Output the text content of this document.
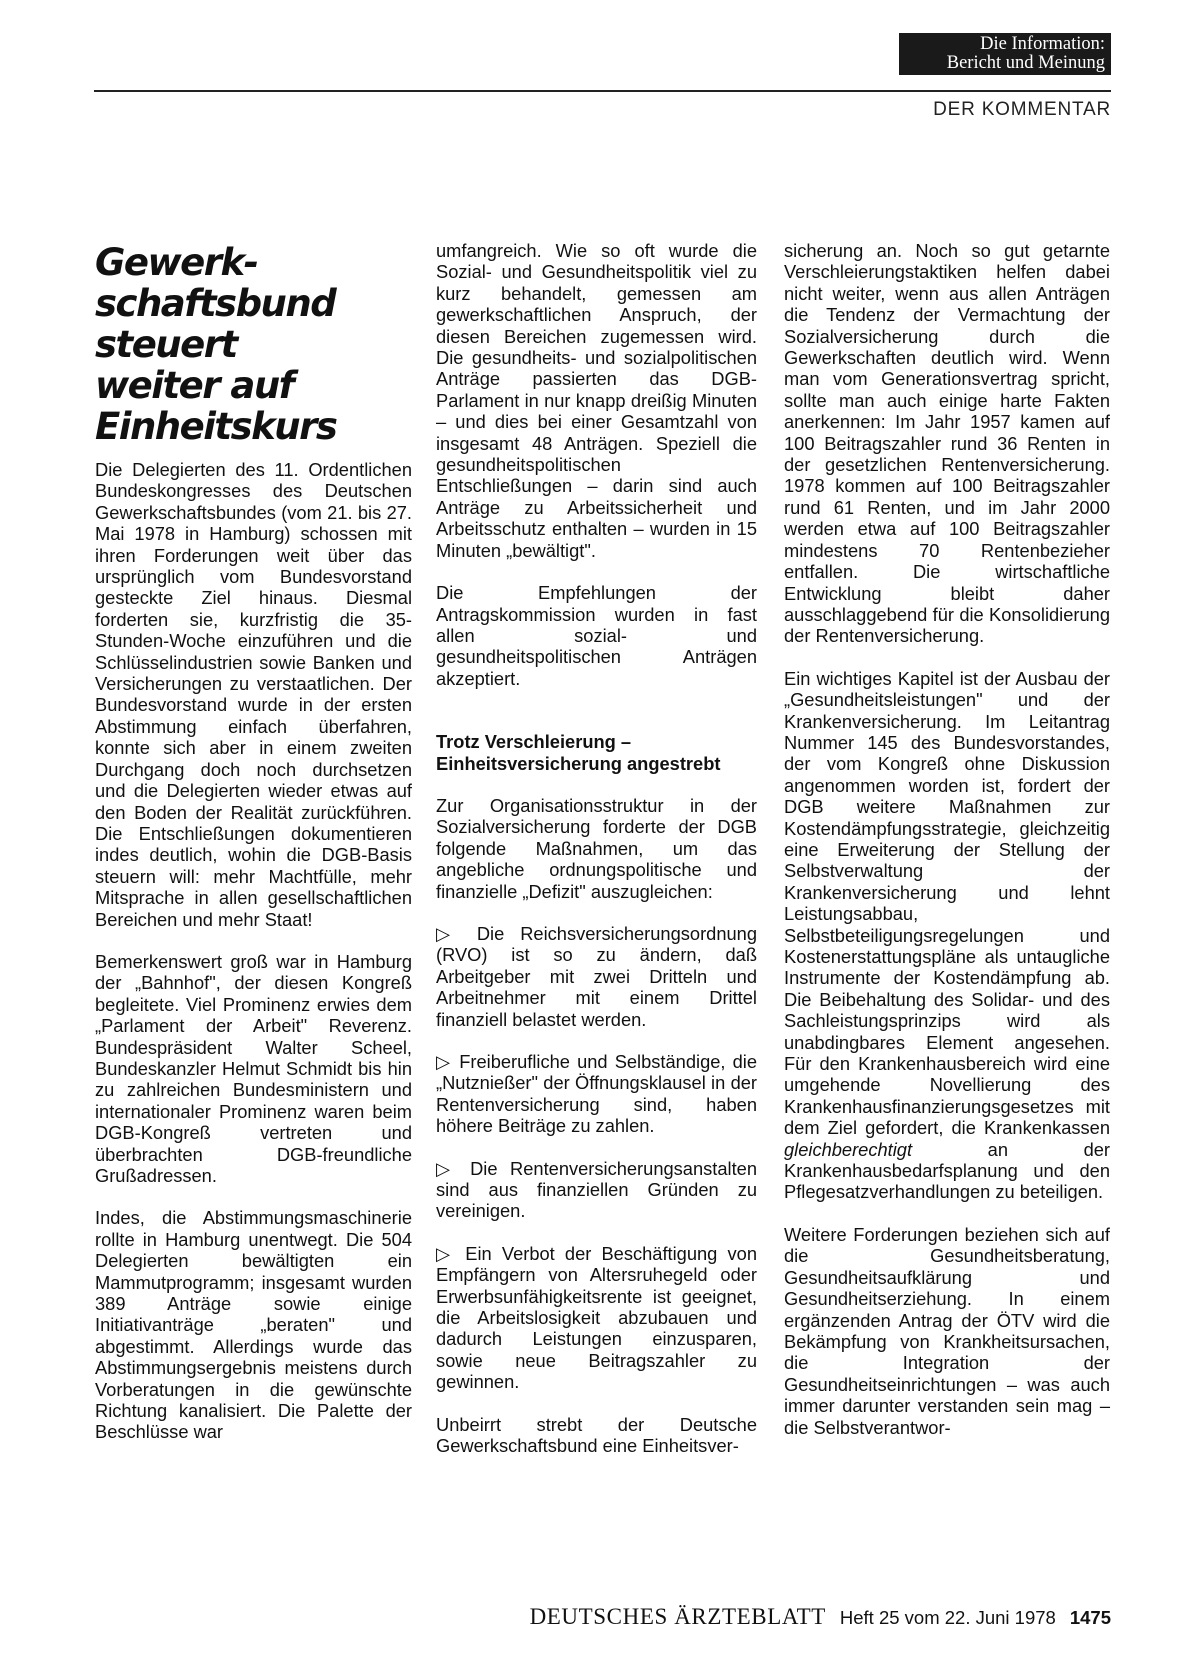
Die Information:
Bericht und Meinung
DER KOMMENTAR
Gewerk-
schaftsbund
steuert
weiter auf
Einheitskurs

Die Delegierten des 11. Ordentlichen Bundeskongresses des Deutschen Gewerkschaftsbundes (vom 21. bis 27. Mai 1978 in Hamburg) schossen mit ihren Forderungen weit über das ursprünglich vom Bundesvorstand gesteckte Ziel hinaus. Diesmal forderten sie, kurzfristig die 35-Stunden-Woche einzuführen und die Schlüsselindustrien sowie Banken und Versicherungen zu verstaatlichen. Der Bundesvorstand wurde in der ersten Abstimmung einfach überfahren, konnte sich aber in einem zweiten Durchgang doch noch durchsetzen und die Delegierten wieder etwas auf den Boden der Realität zurückführen. Die Entschließungen dokumentieren indes deutlich, wohin die DGB-Basis steuern will: mehr Machtfülle, mehr Mitsprache in allen gesellschaftlichen Bereichen und mehr Staat!

Bemerkenswert groß war in Hamburg der „Bahnhof", der diesen Kongreß begleitete. Viel Prominenz erwies dem „Parlament der Arbeit" Reverenz. Bundespräsident Walter Scheel, Bundeskanzler Helmut Schmidt bis hin zu zahlreichen Bundesministern und internationaler Prominenz waren beim DGB-Kongreß vertreten und überbrachten DGB-freundliche Grußadressen.

Indes, die Abstimmungsmaschinerie rollte in Hamburg unentwegt. Die 504 Delegierten bewältigten ein Mammutprogramm; insgesamt wurden 389 Anträge sowie einige Initiativanträge „beraten" und abgestimmt. Allerdings wurde das Abstimmungsergebnis meistens durch Vorberatungen in die gewünschte Richtung kanalisiert. Die Palette der Beschlüsse war

umfangreich. Wie so oft wurde die Sozial- und Gesundheitspolitik viel zu kurz behandelt, gemessen am gewerkschaftlichen Anspruch, der diesen Bereichen zugemessen wird. Die gesundheits- und sozialpolitischen Anträge passierten das DGB-Parlament in nur knapp dreißig Minuten – und dies bei einer Gesamtzahl von insgesamt 48 Anträgen. Speziell die gesundheitspolitischen Entschließungen – darin sind auch Anträge zu Arbeitssicherheit und Arbeitsschutz enthalten – wurden in 15 Minuten „bewältigt".

Die Empfehlungen der Antragskommission wurden in fast allen sozial- und gesundheitspolitischen Anträgen akzeptiert.

Trotz Verschleierung – Einheitsversicherung angestrebt

Zur Organisationsstruktur in der Sozialversicherung forderte der DGB folgende Maßnahmen, um das angebliche ordnungspolitische und finanzielle „Defizit" auszugleichen:

▷ Die Reichsversicherungsordnung (RVO) ist so zu ändern, daß Arbeitgeber mit zwei Dritteln und Arbeitnehmer mit einem Drittel finanziell belastet werden.

▷ Freiberufliche und Selbständige, die „Nutznießer" der Öffnungsklausel in der Rentenversicherung sind, haben höhere Beiträge zu zahlen.

▷ Die Rentenversicherungsanstalten sind aus finanziellen Gründen zu vereinigen.

▷ Ein Verbot der Beschäftigung von Empfängern von Altersruhegeld oder Erwerbsunfähigkeitsrente ist geeignet, die Arbeitslosigkeit abzubauen und dadurch Leistungen einzusparen, sowie neue Beitragszahler zu gewinnen.

Unbeirrt strebt der Deutsche Gewerkschaftsbund eine Einheitsver-

sicherung an. Noch so gut getarnte Verschleierungstaktiken helfen dabei nicht weiter, wenn aus allen Anträgen die Tendenz der Vermachtung der Sozialversicherung durch die Gewerkschaften deutlich wird. Wenn man vom Generationsvertrag spricht, sollte man auch einige harte Fakten anerkennen: Im Jahr 1957 kamen auf 100 Beitragszahler rund 36 Renten in der gesetzlichen Rentenversicherung. 1978 kommen auf 100 Beitragszahler rund 61 Renten, und im Jahr 2000 werden etwa auf 100 Beitragszahler mindestens 70 Rentenbezieher entfallen. Die wirtschaftliche Entwicklung bleibt daher ausschlaggebend für die Konsolidierung der Rentenversicherung.

Ein wichtiges Kapitel ist der Ausbau der „Gesundheitsleistungen" und der Krankenversicherung. Im Leitantrag Nummer 145 des Bundesvorstandes, der vom Kongreß ohne Diskussion angenommen worden ist, fordert der DGB weitere Maßnahmen zur Kostendämpfungsstrategie, gleichzeitig eine Erweiterung der Stellung der Selbstverwaltung der Krankenversicherung und lehnt Leistungsabbau, Selbstbeteiligungsregelungen und Kostenerstattungspläne als untaugliche Instrumente der Kostendämpfung ab. Die Beibehaltung des Solidar- und des Sachleistungsprinzips wird als unabdingbares Element angesehen. Für den Krankenhausbereich wird eine umgehende Novellierung des Krankenhausfinanzierungsgesetzes mit dem Ziel gefordert, die Krankenkassen gleichberechtigt an der Krankenhausbedarfsplanung und den Pflegesatzverhandlungen zu beteiligen.

Weitere Forderungen beziehen sich auf die Gesundheitsberatung, Gesundheitsaufklärung und Gesundheitserziehung. In einem ergänzenden Antrag der ÖTV wird die Bekämpfung von Krankheitsursachen, die Integration der Gesundheitseinrichtungen – was auch immer darunter verstanden sein mag – die Selbstverantwor-

DEUTSCHES ÄRZTEBLATT Heft 25 vom 22. Juni 1978 1475
